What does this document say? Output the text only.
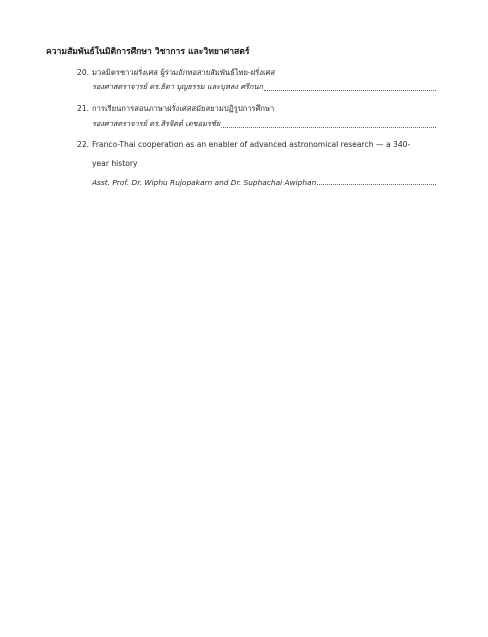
ความสัมพันธ์ในมิติการศึกษา วิชาการ และวิทยาศาสตร์
20. มวลมิตรชาวฝรั่งเศส ผู้ร่วมถักทอสายสัมพันธ์ไทย-ฝรั่งเศส
รองศาสตราจารย์ ดร.ธิดา บุญธรรม และบุหลง ศรีกนก
21. การเรียนการสอนภาษาฝรั่งเศสสมัยสยามปฏิรูปการศึกษา
รองศาสตราจารย์ ดร.สิรจิตต์ เดชอมรชัย
22. Franco-Thai cooperation as an enabler of advanced astronomical research — a 340-
year history
Asst. Prof. Dr. Wiphu Rujopakarn and Dr. Suphachai Awiphan
